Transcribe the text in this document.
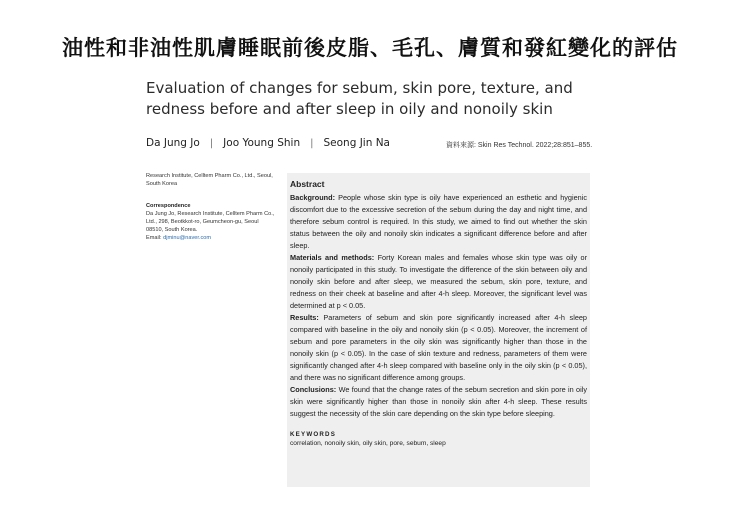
油性和非油性肌膚睡眠前後皮脂、毛孔、膚質和發紅變化的評估
Evaluation of changes for sebum, skin pore, texture, and redness before and after sleep in oily and nonoily skin
Da Jung Jo | Joo Young Shin | Seong Jin Na	資料來源: Skin Res Technol. 2022;28:851–855.
Research Institute, Celltem Pharm Co., Ltd., Seoul, South Korea
Correspondence
Da Jung Jo, Research Institute, Celltem Pharm Co., Ltd., 298, Beotkkot-ro, Geumcheon-gu, Seoul 08510, South Korea.
Email: djminu@naver.com
Abstract

Background: People whose skin type is oily have experienced an esthetic and hygienic discomfort due to the excessive secretion of the sebum during the day and night time, and therefore sebum control is required. In this study, we aimed to find out whether the skin status between the oily and nonoily skin indicates a significant difference before and after sleep.

Materials and methods: Forty Korean males and females whose skin type was oily or nonoily participated in this study. To investigate the difference of the skin between oily and nonoily skin before and after sleep, we measured the sebum, skin pore, texture, and redness on their cheek at baseline and after 4-h sleep. Moreover, the significant level was determined at p < 0.05.

Results: Parameters of sebum and skin pore significantly increased after 4-h sleep compared with baseline in the oily and nonoily skin (p < 0.05). Moreover, the increment of sebum and pore parameters in the oily skin was significantly higher than those in the nonoily skin (p < 0.05). In the case of skin texture and redness, parameters of them were significantly changed after 4-h sleep compared with baseline only in the oily skin (p < 0.05), and there was no significant difference among groups.

Conclusions: We found that the change rates of the sebum secretion and skin pore in oily skin were significantly higher than those in nonoily skin after 4-h sleep. These results suggest the necessity of the skin care depending on the skin type before sleeping.

KEYWORDS
correlation, nonoily skin, oily skin, pore, sebum, sleep
